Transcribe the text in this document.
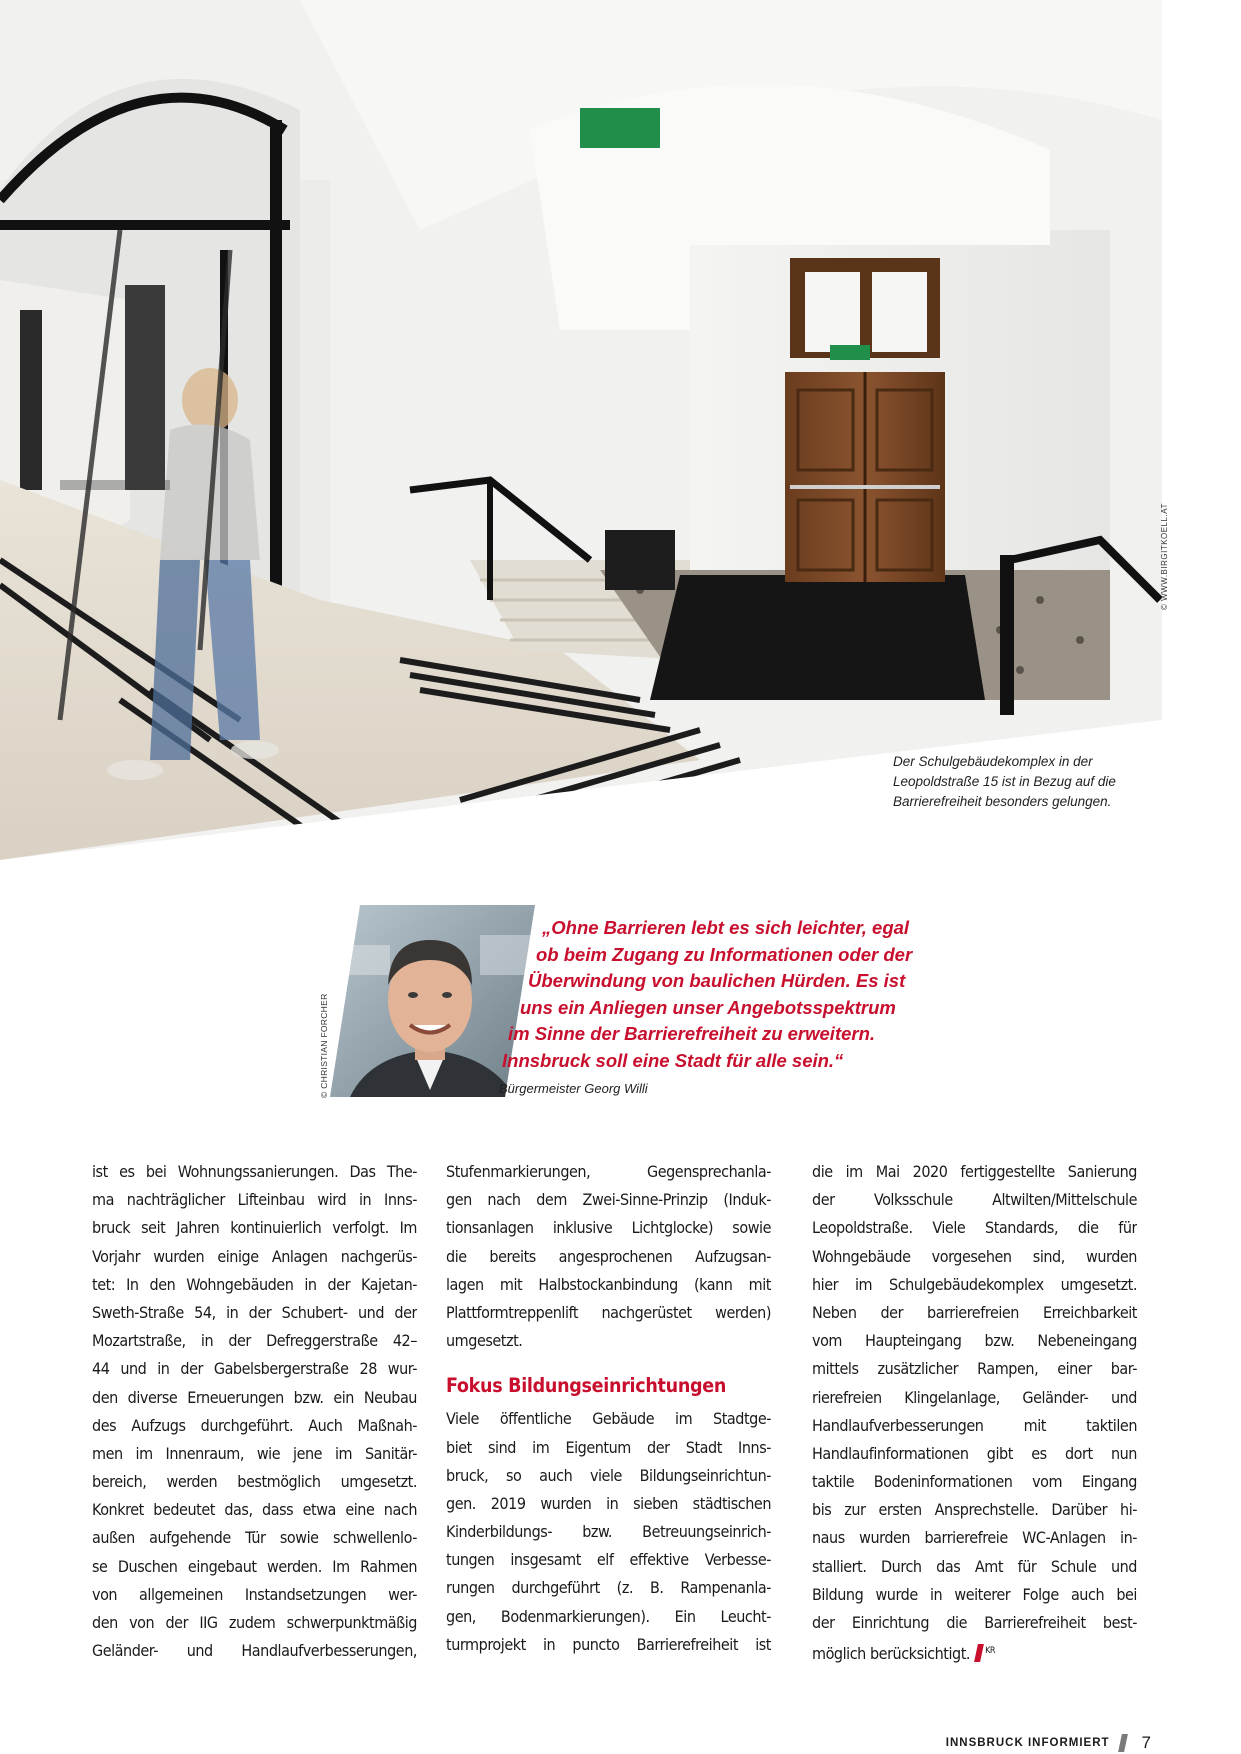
© WWW.BIRGITKOELL.AT
Der Schulgebäudekomplex in der
Leopoldstraße 15 ist in Bezug auf die
Barrierefreiheit besonders gelungen.
© CHRISTIAN FORCHER
„Ohne Barrieren lebt es sich leichter, egal
ob beim Zugang zu Informationen oder der
Überwindung von baulichen Hürden. Es ist
uns ein Anliegen unser Angebotsspektrum
im Sinne der Barrierefreiheit zu erweitern.
Innsbruck soll eine Stadt für alle sein.“
Bürgermeister Georg Willi
ist es bei Wohnungssanierungen. Das The-
ma nachträglicher Lifteinbau wird in Inns-
bruck seit Jahren kontinuierlich verfolgt. Im
Vorjahr wurden einige Anlagen nachgerüs-
tet: In den Wohngebäuden in der Kajetan-
Sweth-Straße 54, in der Schubert- und der
Mozartstraße, in der Defreggerstraße 42–
44 und in der Gabelsbergerstraße 28 wur-
den diverse Erneuerungen bzw. ein Neubau
des Aufzugs durchgeführt. Auch Maßnah-
men im Innenraum, wie jene im Sanitär-
bereich, werden bestmöglich umgesetzt.
Konkret bedeutet das, dass etwa eine nach
außen aufgehende Tür sowie schwellenlo-
se Duschen eingebaut werden. Im Rahmen
von allgemeinen Instandsetzungen wer-
den von der IIG zudem schwerpunktmäßig
Geländer- und Handlaufverbesserungen,
Stufenmarkierungen, Gegensprechanla-
gen nach dem Zwei-Sinne-Prinzip (Induk-
tionsanlagen inklusive Lichtglocke) sowie
die bereits angesprochenen Aufzugsan-
lagen mit Halbstockanbindung (kann mit
Plattformtreppenlift nachgerüstet werden)
umgesetzt.
Fokus Bildungseinrichtungen
Viele öffentliche Gebäude im Stadtge-
biet sind im Eigentum der Stadt Inns-
bruck, so auch viele Bildungseinrichtun-
gen. 2019 wurden in sieben städtischen
Kinderbildungs- bzw. Betreuungseinrich-
tungen insgesamt elf effektive Verbesse-
rungen durchgeführt (z. B. Rampenanla-
gen, Bodenmarkierungen). Ein Leucht-
turmprojekt in puncto Barrierefreiheit ist
die im Mai 2020 fertiggestellte Sanierung
der Volksschule Altwilten/Mittelschule
Leopoldstraße. Viele Standards, die für
Wohngebäude vorgesehen sind, wurden
hier im Schulgebäudekomplex umgesetzt.
Neben der barrierefreien Erreichbarkeit
vom Haupteingang bzw. Nebeneingang
mittels zusätzlicher Rampen, einer bar-
rierefreien Klingelanlage, Geländer- und
Handlaufverbesserungen mit taktilen
Handlaufinformationen gibt es dort nun
taktile Bodeninformationen vom Eingang
bis zur ersten Ansprechstelle. Darüber hi-
naus wurden barrierefreie WC-Anlagen in-
stalliert. Durch das Amt für Schule und
Bildung wurde in weiterer Folge auch bei
der Einrichtung die Barrierefreiheit best-
möglich berücksichtigt. $^{KR}$
INNSBRUCK INFORMIERT 7
